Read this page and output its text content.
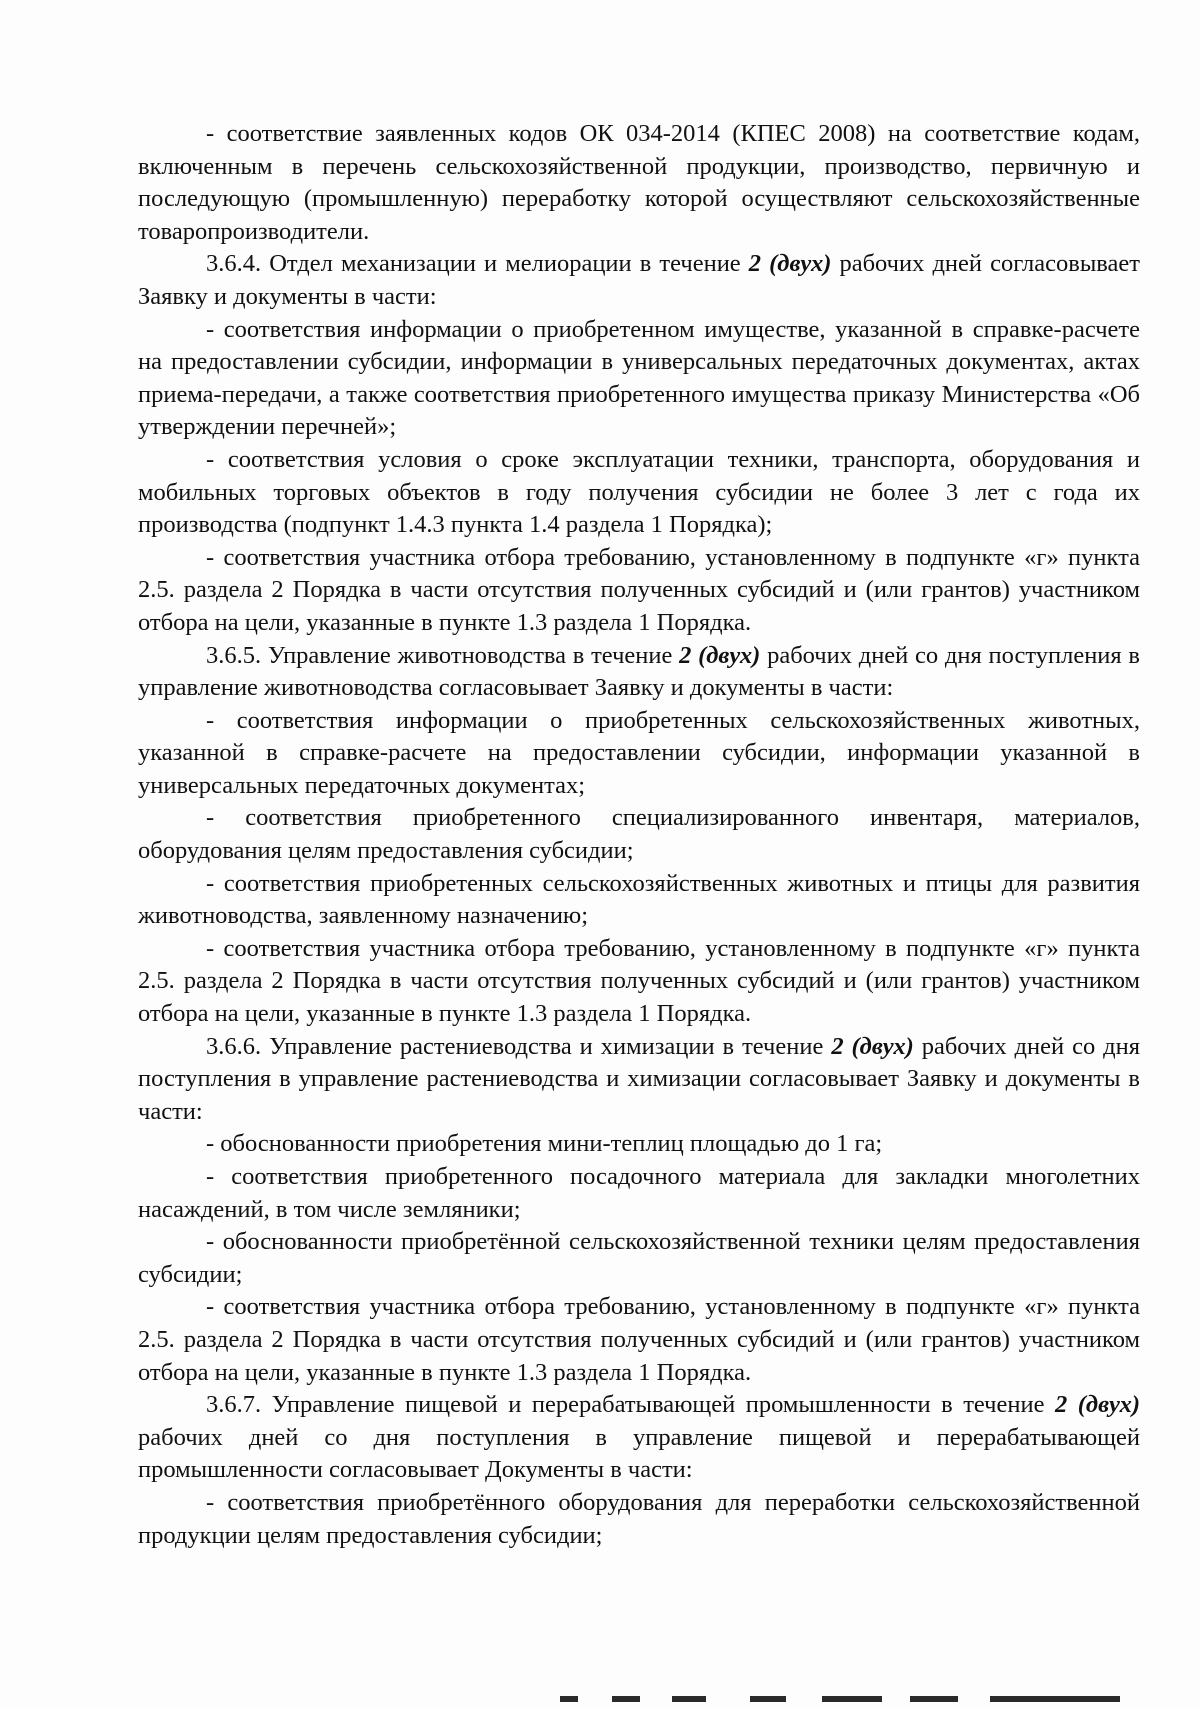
- соответствие заявленных кодов ОК 034-2014 (КПЕС 2008) на соответствие кодам, включенным в перечень сельскохозяйственной продукции, производство, первичную и последующую (промышленную) переработку которой осуществляют сельскохозяйственные товаропроизводители.

3.6.4. Отдел механизации и мелиорации в течение 2 (двух) рабочих дней согласовывает Заявку и документы в части:

- соответствия информации о приобретенном имуществе, указанной в справке-расчете на предоставлении субсидии, информации в универсальных передаточных документах, актах приема-передачи, а также соответствия приобретенного имущества приказу Министерства «Об утверждении перечней»;

- соответствия условия о сроке эксплуатации техники, транспорта, оборудования и мобильных торговых объектов в году получения субсидии не более 3 лет с года их производства (подпункт 1.4.3 пункта 1.4 раздела 1 Порядка);

- соответствия участника отбора требованию, установленному в подпункте «г» пункта 2.5. раздела 2 Порядка в части отсутствия полученных субсидий и (или грантов) участником отбора на цели, указанные в пункте 1.3 раздела 1 Порядка.

3.6.5. Управление животноводства в течение 2 (двух) рабочих дней со дня поступления в управление животноводства согласовывает Заявку и документы в части:

- соответствия информации о приобретенных сельскохозяйственных животных, указанной в справке-расчете на предоставлении субсидии, информации указанной в универсальных передаточных документах;

- соответствия приобретенного специализированного инвентаря, материалов, оборудования целям предоставления субсидии;

- соответствия приобретенных сельскохозяйственных животных и птицы для развития животноводства, заявленному назначению;

- соответствия участника отбора требованию, установленному в подпункте «г» пункта 2.5. раздела 2 Порядка в части отсутствия полученных субсидий и (или грантов) участником отбора на цели, указанные в пункте 1.3 раздела 1 Порядка.

3.6.6. Управление растениеводства и химизации в течение 2 (двух) рабочих дней со дня поступления в управление растениеводства и химизации согласовывает Заявку и документы в части:

- обоснованности приобретения мини-теплиц площадью до 1 га;

- соответствия приобретенного посадочного материала для закладки многолетних насаждений, в том числе земляники;

- обоснованности приобретённой сельскохозяйственной техники целям предоставления субсидии;

- соответствия участника отбора требованию, установленному в подпункте «г» пункта 2.5. раздела 2 Порядка в части отсутствия полученных субсидий и (или грантов) участником отбора на цели, указанные в пункте 1.3 раздела 1 Порядка.

3.6.7. Управление пищевой и перерабатывающей промышленности в течение 2 (двух) рабочих дней со дня поступления в управление пищевой и перерабатывающей промышленности согласовывает Документы в части:

- соответствия приобретённого оборудования для переработки сельскохозяйственной продукции целям предоставления субсидии;
